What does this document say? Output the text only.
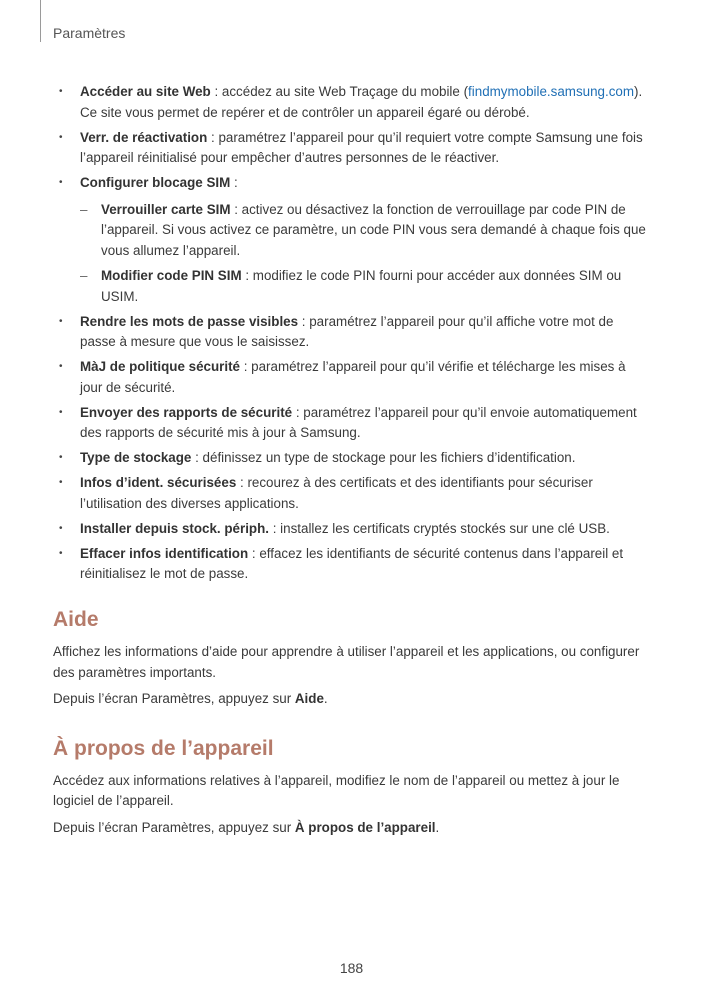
Paramètres
• Accéder au site Web : accédez au site Web Traçage du mobile (findmymobile.samsung.com). Ce site vous permet de repérer et de contrôler un appareil égaré ou dérobé.
• Verr. de réactivation : paramétrez l’appareil pour qu’il requiert votre compte Samsung une fois l’appareil réinitialisé pour empêcher d’autres personnes de le réactiver.
• Configurer blocage SIM :
– Verrouiller carte SIM : activez ou désactivez la fonction de verrouillage par code PIN de l’appareil. Si vous activez ce paramètre, un code PIN vous sera demandé à chaque fois que vous allumez l’appareil.
– Modifier code PIN SIM : modifiez le code PIN fourni pour accéder aux données SIM ou USIM.
• Rendre les mots de passe visibles : paramétrez l’appareil pour qu’il affiche votre mot de passe à mesure que vous le saisissez.
• MàJ de politique sécurité : paramétrez l’appareil pour qu’il vérifie et télécharge les mises à jour de sécurité.
• Envoyer des rapports de sécurité : paramétrez l’appareil pour qu’il envoie automatiquement des rapports de sécurité mis à jour à Samsung.
• Type de stockage : définissez un type de stockage pour les fichiers d’identification.
• Infos d’ident. sécurisées : recourez à des certificats et des identifiants pour sécuriser l’utilisation des diverses applications.
• Installer depuis stock. périph. : installez les certificats cryptés stockés sur une clé USB.
• Effacer infos identification : effacez les identifiants de sécurité contenus dans l’appareil et réinitialisez le mot de passe.
Aide

Affichez les informations d’aide pour apprendre à utiliser l’appareil et les applications, ou configurer des paramètres importants.

Depuis l’écran Paramètres, appuyez sur Aide.

À propos de l’appareil

Accédez aux informations relatives à l’appareil, modifiez le nom de l’appareil ou mettez à jour le logiciel de l’appareil.

Depuis l’écran Paramètres, appuyez sur À propos de l’appareil.

188
